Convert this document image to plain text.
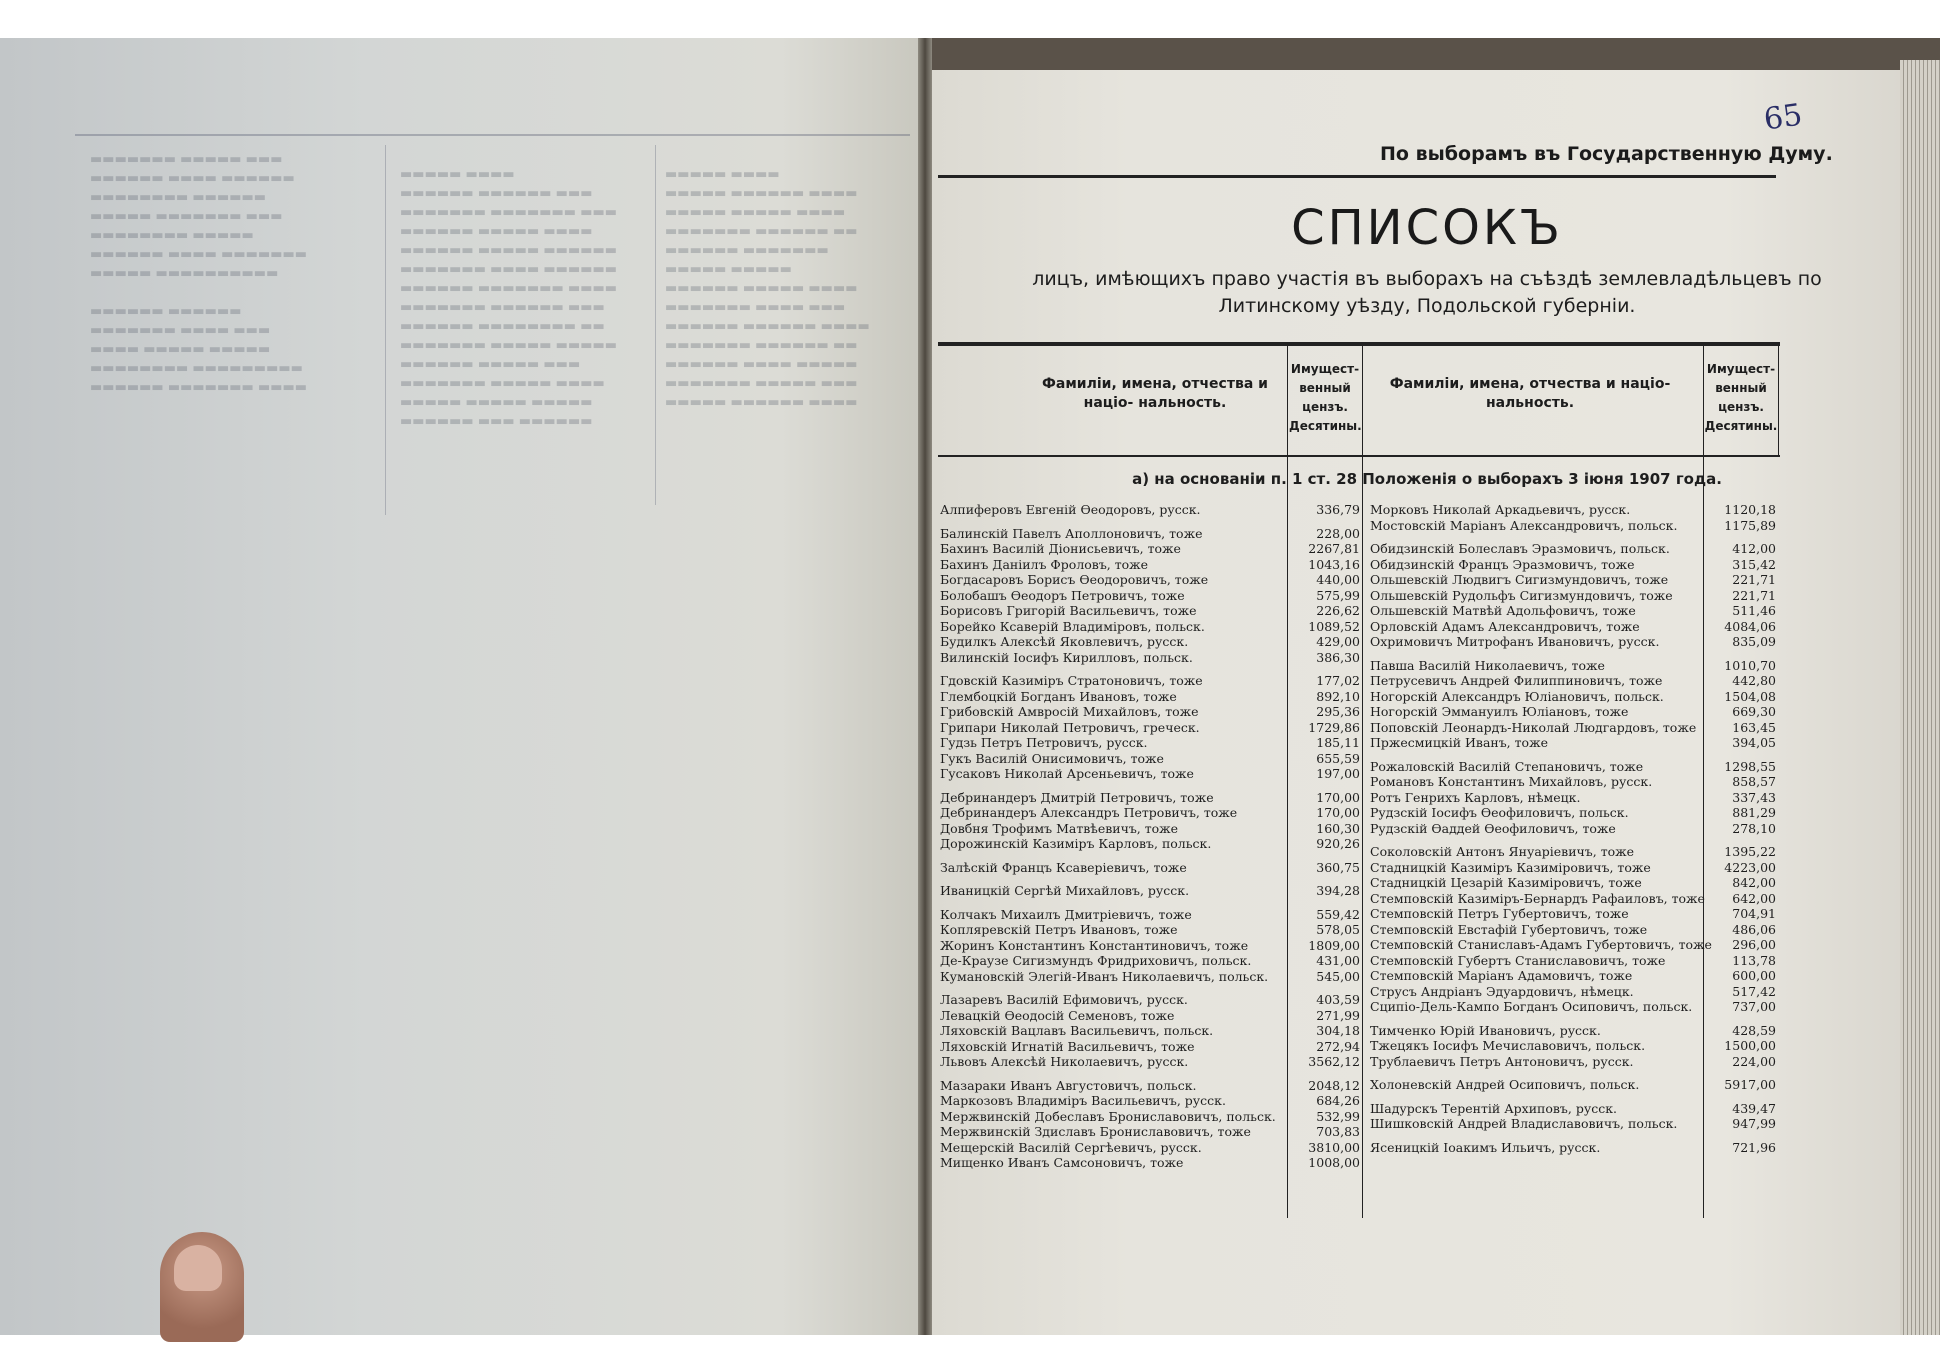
▬▬▬▬▬▬▬ ▬▬▬▬▬ ▬▬▬
▬▬▬▬▬▬ ▬▬▬▬ ▬▬▬▬▬▬
▬▬▬▬▬▬▬▬ ▬▬▬▬▬▬
▬▬▬▬▬ ▬▬▬▬▬▬▬ ▬▬▬
▬▬▬▬▬▬▬▬ ▬▬▬▬▬
▬▬▬▬▬▬ ▬▬▬▬ ▬▬▬▬▬▬▬
▬▬▬▬▬ ▬▬▬▬▬▬▬▬▬▬

▬▬▬▬▬▬ ▬▬▬▬▬▬
▬▬▬▬▬▬▬ ▬▬▬▬ ▬▬▬
▬▬▬▬ ▬▬▬▬▬ ▬▬▬▬▬
▬▬▬▬▬▬▬▬ ▬▬▬▬▬▬▬▬▬
▬▬▬▬▬▬ ▬▬▬▬▬▬▬ ▬▬▬▬
▬▬▬▬▬ ▬▬▬▬
▬▬▬▬▬▬ ▬▬▬▬▬▬ ▬▬▬
▬▬▬▬▬▬▬ ▬▬▬▬▬▬▬ ▬▬▬
▬▬▬▬▬▬ ▬▬▬▬▬ ▬▬▬▬
▬▬▬▬▬▬ ▬▬▬▬▬ ▬▬▬▬▬▬
▬▬▬▬▬▬▬ ▬▬▬▬ ▬▬▬▬▬▬
▬▬▬▬▬▬ ▬▬▬▬▬▬▬ ▬▬▬▬
▬▬▬▬▬▬▬ ▬▬▬▬▬▬ ▬▬▬
▬▬▬▬▬▬ ▬▬▬▬▬▬▬▬ ▬▬
▬▬▬▬▬▬▬ ▬▬▬▬▬ ▬▬▬▬▬
▬▬▬▬▬▬ ▬▬▬▬▬ ▬▬▬
▬▬▬▬▬▬▬ ▬▬▬▬▬ ▬▬▬▬
▬▬▬▬▬ ▬▬▬▬▬ ▬▬▬▬▬
▬▬▬▬▬▬ ▬▬▬ ▬▬▬▬▬▬
▬▬▬▬▬ ▬▬▬▬
▬▬▬▬▬ ▬▬▬▬▬▬ ▬▬▬▬
▬▬▬▬▬ ▬▬▬▬▬ ▬▬▬▬
▬▬▬▬▬▬▬ ▬▬▬▬▬▬ ▬▬
▬▬▬▬▬▬ ▬▬▬▬▬▬▬
▬▬▬▬▬ ▬▬▬▬▬
▬▬▬▬▬▬ ▬▬▬▬▬ ▬▬▬▬
▬▬▬▬▬▬▬ ▬▬▬▬ ▬▬▬
▬▬▬▬▬▬ ▬▬▬▬▬▬ ▬▬▬▬
▬▬▬▬▬▬▬ ▬▬▬▬▬▬ ▬▬
▬▬▬▬▬▬ ▬▬▬▬ ▬▬▬▬▬
▬▬▬▬▬▬▬ ▬▬▬▬▬ ▬▬▬
▬▬▬▬▬ ▬▬▬▬▬▬ ▬▬▬▬
По выборамъ въ Государственную Думу.
65
СПИСОКЪ
лицъ, имѣющихъ право участія въ выборахъ на съѣздѣ землевладѣльцевъ по
Литинскому уѣзду, Подольской губерніи.
Фамиліи, имена, отчества и націо- нальность.
Имущест- венный цензъ. Десятины.
Фамиліи, имена, отчества и націо- нальность.
Имущест- венный цензъ. Десятины.
а) на основаніи п. 1 ст. 28 Положенія о выборахъ 3 іюня 1907 года.
Алпиферовъ Евгеній Ѳеодоровъ, русск.	336,79
Балинскій Павелъ Аполлоновичъ, тоже	228,00
Бахинъ Василій Діонисьевичъ, тоже	2267,81
Бахинъ Даніилъ Фроловъ, тоже	1043,16
Богдасаровъ Борисъ Ѳеодоровичъ, тоже	440,00
Болобашъ Ѳеодоръ Петровичъ, тоже	575,99
Борисовъ Григорій Васильевичъ, тоже	226,62
Борейко Ксаверій Владиміровъ, польск.	1089,52
Будилкъ Алексѣй Яковлевичъ, русск.	429,00
Вилинскій Іосифъ Кирилловъ, польск.	386,30
Гдовскій Казиміръ Стратоновичъ, тоже	177,02
Глембоцкій Богданъ Ивановъ, тоже	892,10
Грибовскій Амвросій Михайловъ, тоже	295,36
Грипари Николай Петровичъ, греческ.	1729,86
Гудзь Петръ Петровичъ, русск.	185,11
Гукъ Василій Онисимовичъ, тоже	655,59
Гусаковъ Николай Арсеньевичъ, тоже	197,00
Дебринандеръ Дмитрій Петровичъ, тоже	170,00
Дебринандеръ Александръ Петровичъ, тоже	170,00
Довбня Трофимъ Матвѣевичъ, тоже	160,30
Дорожинскій Казиміръ Карловъ, польск.	920,26
Залѣскій Францъ Ксаверіевичъ, тоже	360,75
Иваницкій Сергѣй Михайловъ, русск.	394,28
Колчакъ Михаилъ Дмитріевичъ, тоже	559,42
Копляревскій Петръ Ивановъ, тоже	578,05
Жоринъ Константинъ Константиновичъ, тоже	1809,00
Де-Краузе Сигизмундъ Фридриховичъ, польск.	431,00
Кумановскій Элегій-Иванъ Николаевичъ, польск.	545,00
Лазаревъ Василій Ефимовичъ, русск.	403,59
Левацкій Ѳеодосій Семеновъ, тоже	271,99
Ляховскій Вацлавъ Васильевичъ, польск.	304,18
Ляховскій Игнатій Васильевичъ, тоже	272,94
Львовъ Алексѣй Николаевичъ, русск.	3562,12
Мазараки Иванъ Августовичъ, польск.	2048,12
Маркозовъ Владиміръ Васильевичъ, русск.	684,26
Мержвинскій Добеславъ Брониславовичъ, польск.	532,99
Мержвинскій Здиславъ Брониславовичъ, тоже	703,83
Мещерскій Василій Сергѣевичъ, русск.	3810,00
Мищенко Иванъ Самсоновичъ, тоже	1008,00
Морковъ Николай Аркадьевичъ, русск.	1120,18
Мостовскій Маріанъ Александровичъ, польск.	1175,89
Обидзинскій Болеславъ Эразмовичъ, польск.	412,00
Обидзинскій Францъ Эразмовичъ, тоже	315,42
Ольшевскій Людвигъ Сигизмундовичъ, тоже	221,71
Ольшевскій Рудольфъ Сигизмундовичъ, тоже	221,71
Ольшевскій Матвѣй Адольфовичъ, тоже	511,46
Орловскій Адамъ Александровичъ, тоже	4084,06
Охримовичъ Митрофанъ Ивановичъ, русск.	835,09
Павша Василій Николаевичъ, тоже	1010,70
Петрусевичъ Андрей Филиппиновичъ, тоже	442,80
Ногорскій Александръ Юліановичъ, польск.	1504,08
Ногорскій Эммануилъ Юліановъ, тоже	669,30
Поповскій Леонардъ-Николай Людгардовъ, тоже	163,45
Пржесмицкій Иванъ, тоже	394,05
Рожаловскій Василій Степановичъ, тоже	1298,55
Романовъ Константинъ Михайловъ, русск.	858,57
Ротъ Генрихъ Карловъ, нѣмецк.	337,43
Рудзскій Іосифъ Ѳеофиловичъ, польск.	881,29
Рудзскій Ѳаддей Ѳеофиловичъ, тоже	278,10
Соколовскій Антонъ Януаріевичъ, тоже	1395,22
Стадницкій Казиміръ Казиміровичъ, тоже	4223,00
Стадницкій Цезарій Казиміровичъ, тоже	842,00
Стемповскій Казиміръ-Бернардъ Рафаиловъ, тоже 642,00
Стемповскій Петръ Губертовичъ, тоже	704,91
Стемповскій Евстафій Губертовичъ, тоже	486,06
Стемповскій Станиславъ-Адамъ Губертовичъ, тоже 296,00
Стемповскій Губертъ Станиславовичъ, тоже	113,78
Стемповскій Маріанъ Адамовичъ, тоже	600,00
Струсъ Андріанъ Эдуардовичъ, нѣмецк.	517,42
Сципіо-Дель-Кампо Богданъ Осиповичъ, польск.	737,00
Тимченко Юрій Ивановичъ, русск.	428,59
Тжецякъ Іосифъ Мечиславовичъ, польск.	1500,00
Трублаевичъ Петръ Антоновичъ, русск.	224,00
Холоневскій Андрей Осиповичъ, польск.	5917,00
Шадурскъ Терентій Архиповъ, русск.	439,47
Шишковскій Андрей Владиславовичъ, польск.	947,99
Ясеницкій Іоакимъ Ильичъ, русск.	721,96
